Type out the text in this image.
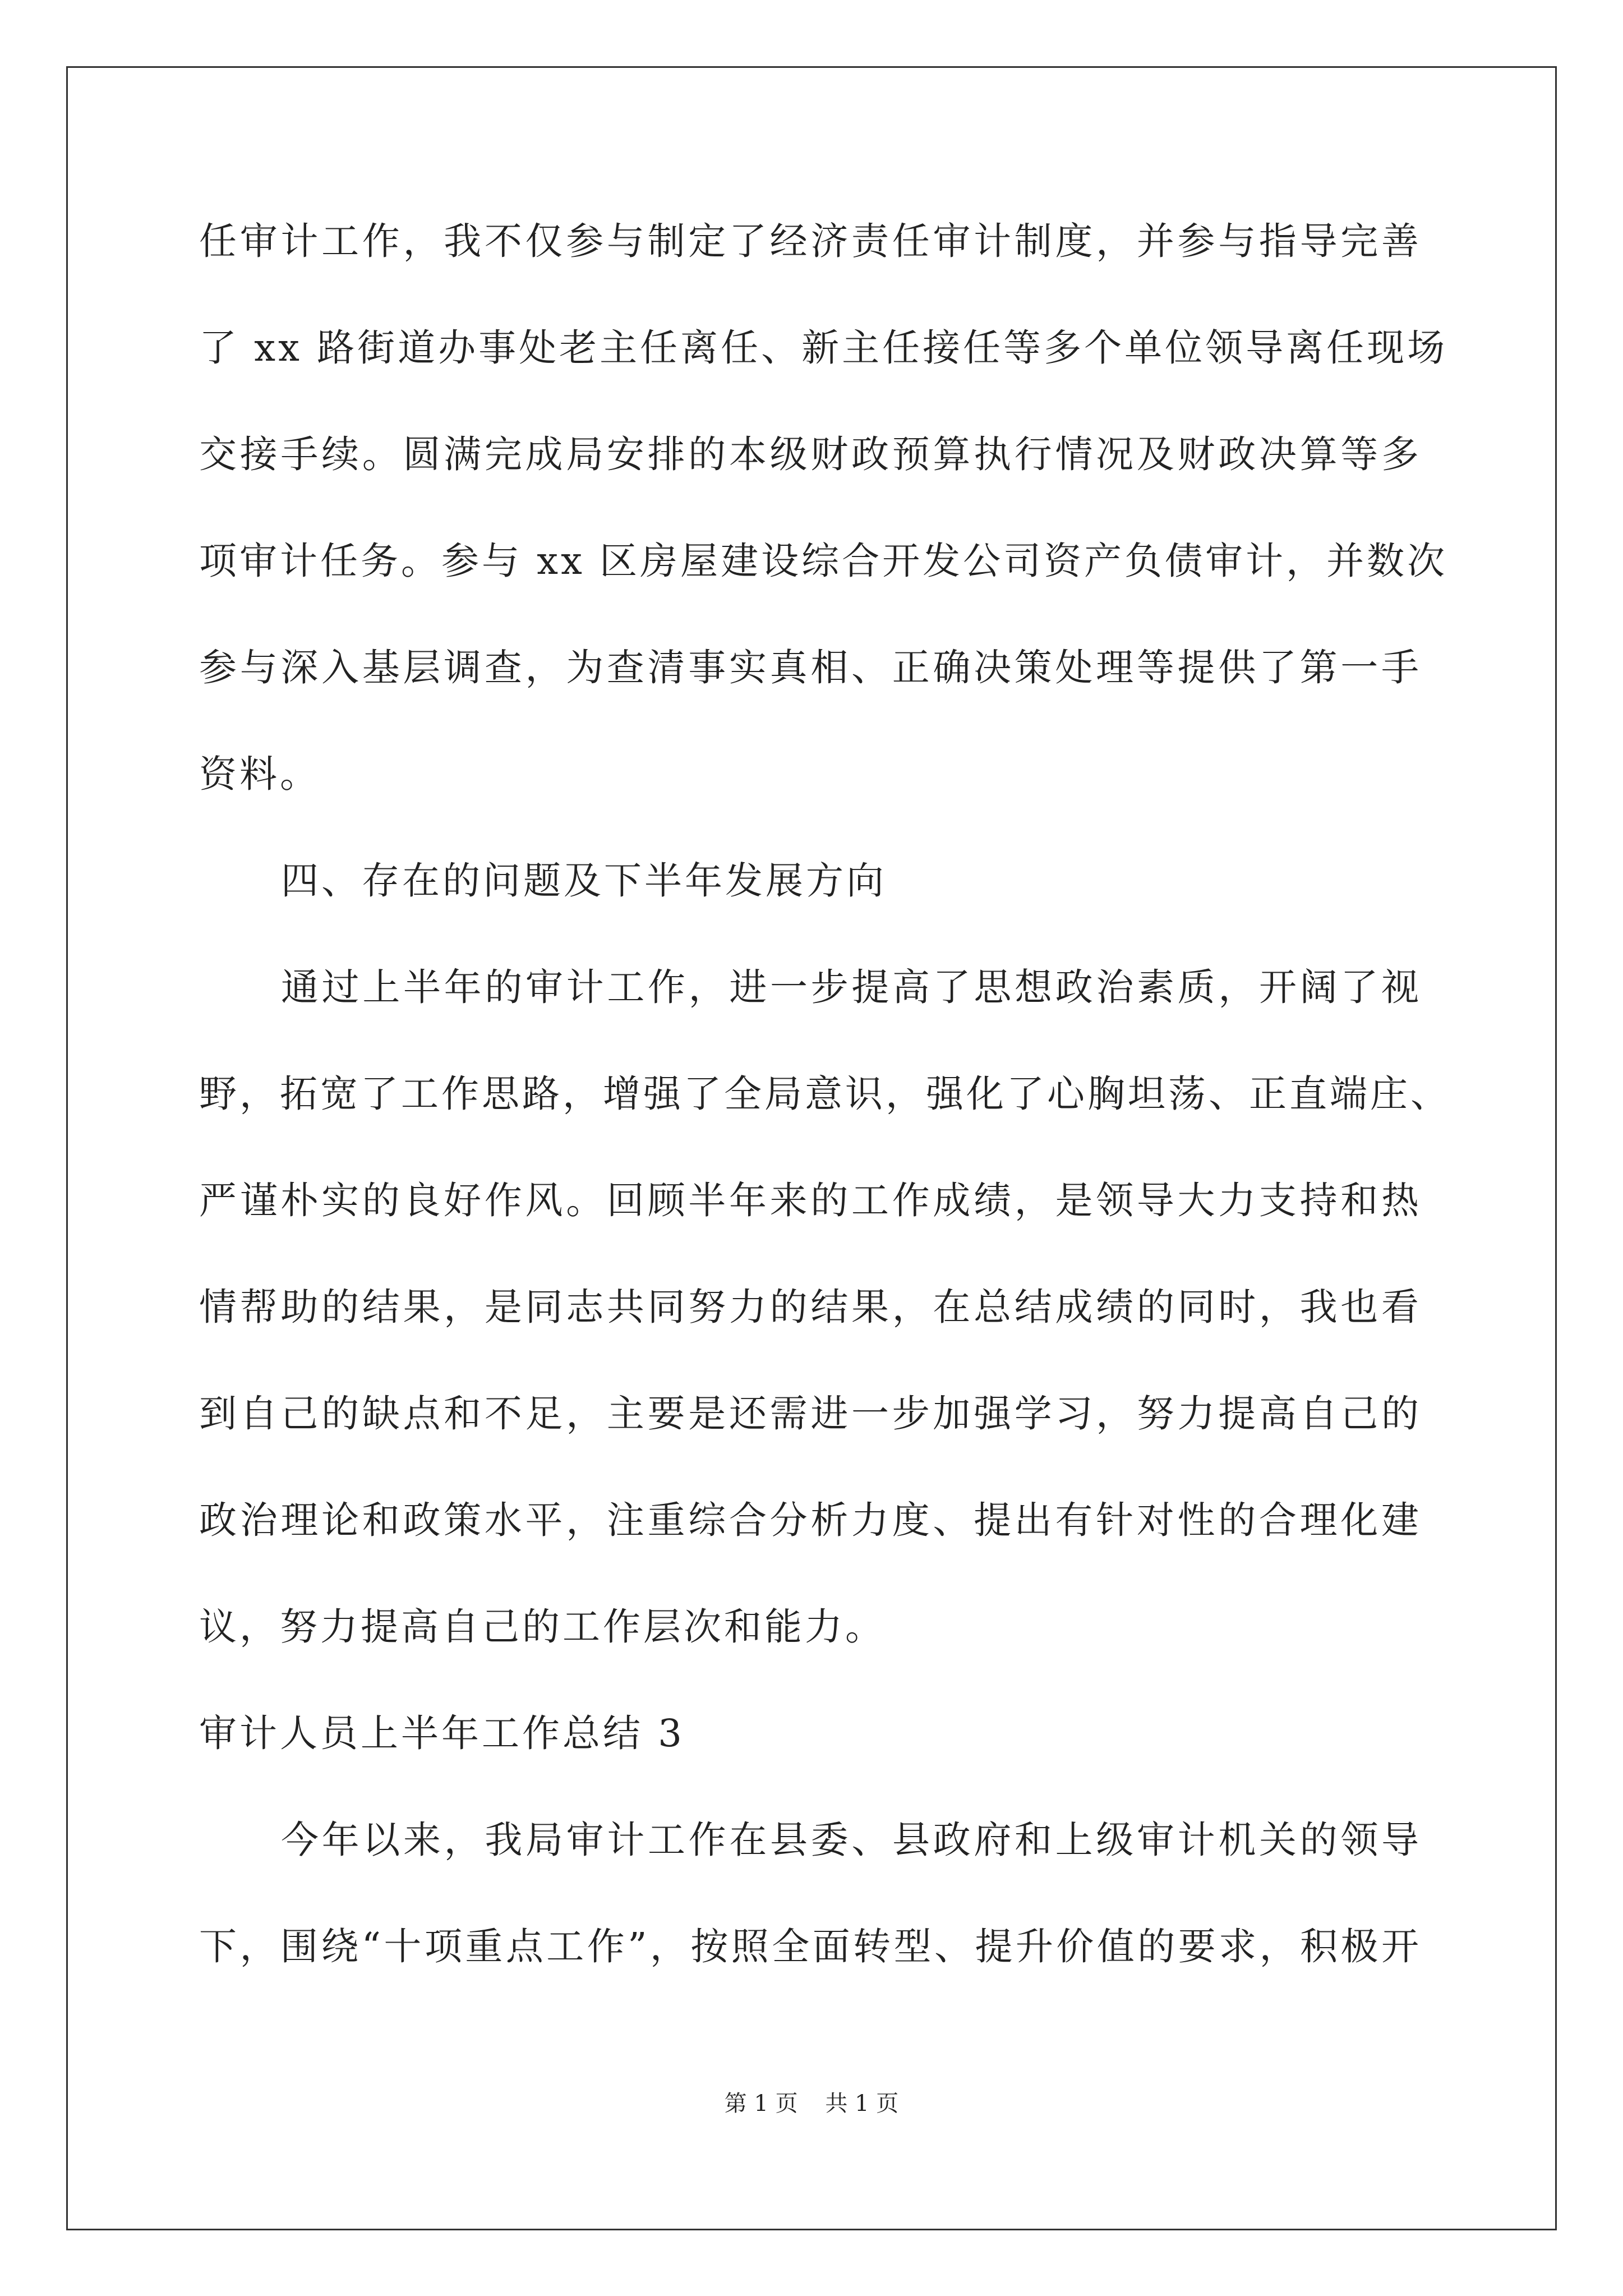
任审计工作，我不仅参与制定了经济责任审计制度，并参与指导完善
了 xx 路街道办事处老主任离任、新主任接任等多个单位领导离任现场
交接手续。圆满完成局安排的本级财政预算执行情况及财政决算等多
项审计任务。参与 xx 区房屋建设综合开发公司资产负债审计，并数次
参与深入基层调查，为查清事实真相、正确决策处理等提供了第一手
资料。
四、存在的问题及下半年发展方向
通过上半年的审计工作，进一步提高了思想政治素质，开阔了视
野，拓宽了工作思路，增强了全局意识，强化了心胸坦荡、正直端庄、
严谨朴实的良好作风。回顾半年来的工作成绩，是领导大力支持和热
情帮助的结果，是同志共同努力的结果，在总结成绩的同时，我也看
到自己的缺点和不足，主要是还需进一步加强学习，努力提高自己的
政治理论和政策水平，注重综合分析力度、提出有针对性的合理化建
议，努力提高自己的工作层次和能力。
审计人员上半年工作总结 3
今年以来，我局审计工作在县委、县政府和上级审计机关的领导
下，围绕“十项重点工作”，按照全面转型、提升价值的要求，积极开
第 1 页 共 1 页
